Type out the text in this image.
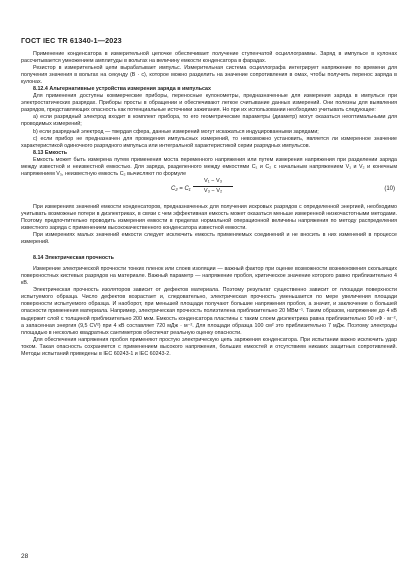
ГОСТ IEC TR 61340-1—2023

Применение конденсатора в измерительной цепочке обеспечивает получение ступенчатой осциллограммы. Заряд в импульсе в кулонах рассчитывается умножением амплитуды в вольтах на величину емкости конденсатора в фарадах.

Резистор в измерительной цепи вырабатывает импульс. Измерительная система осциллографа интегрирует напряжение по времени для получения значения в вольтах на секунду (В · с), которое можно разделить на значение сопротивления в омах, чтобы получить перенос заряда в кулонах.

8.12.4 Альтернативные устройства измерения заряда в импульсах

Для применения доступны коммерческие приборы, переносные кулонометры, предназначенные для измерения заряда в импульсе при электростатических разрядах. Приборы просты в обращении и обеспечивают легкое считывание данных измерений. Они полезны для выявления разрядов, представляющих опасность как потенциальные источники зажигания. Но при их использовании необходимо учитывать следующее:

а) если разрядный электрод входит в комплект прибора, то его геометрические параметры (диаметр) могут оказаться неоптимальными для проводимых измерений;

b) если разрядный электрод — твердая сфера, данные измерений могут искажаться индуцированными зарядами;

с) если прибор не предназначен для проведения импульсных измерений, то невозможно установить, является ли измеренное значение характеристикой одиночного разрядного импульса или интегральной характеристикой серии разрядных импульсов.

8.13 Емкость

Емкость может быть измерена путем применения моста переменного напряжения или путем измерения напряжения при разделении заряда между известной и неизвестной емкостью. Для заряда, разделенного между емкостями C₁ и C₂ с начальным напряжением V₁ и V₂ и конечным напряжением V₃, неизвестную емкость C₂ вычисляют по формуле

C₂ = C₁
V₁ − V₃
V₃ − V₂	(10)

При измерениях значений емкости конденсаторов, предназначенных для получения искровых разрядов с определенной энергией, необходимо учитывать возможные потери в диэлектриках, в связи с чем эффективная емкость может оказаться меньше измеренной низкочастотными методами. Поэтому предпочтительно проводить измерения емкости в пределах нормальной операционной величины напряжения по методу распределения известного заряда с применением высококачественного конденсатора известной емкости.

При измерениях малых значений емкости следует исключить емкость применяемых соединений и не вносить в них изменений в процессе измерений.

8.14 Электрическая прочность

Измерение электрической прочности тонких пленок или слоев изоляции — важный фактор при оценке возможности возникновения скользящих поверхностных кистевых разрядов на материале. Важный параметр — напряжение пробоя, критическое значение которого равно приблизительно 4 кВ.

Электрическая прочность изоляторов зависит от дефектов материала. Поэтому результат существенно зависит от площади поверхности испытуемого образца. Число дефектов возрастает и, следовательно, электрическая прочность уменьшается по мере увеличения площади поверхности испытуемого образца. И наоборот, при меньшей площади получают большие напряжения пробоя, а значит, и заключение о большей опасности применения материала. Например, электрическая прочность полиэтилена приблизительно 20 МВм⁻¹. Таким образом, напряжение до 4 кВ выдержит слой с толщиной приблизительно 200 мкм. Емкость конденсатора пластины с таким слоем диэлектрика равна приблизительно 90 нФ · м⁻², а запасенная энергия (9,5 CV²) при 4 кВ составляет 720 мДж · м⁻². Для площади образца 100 см² это приблизительно 7 мДж. Поэтому электроды площадью в несколько квадратных сантиметров обеспечат реальную оценку опасности.

Для обеспечения напряжения пробоя применяют простую электрическую цепь заряжения конденсатора. При испытании важно исключить удар током. Такая опасность сохраняется с применением высокого напряжения, больших емкостей и отсутствием никаких защитных сопротивлений. Методы испытаний приведены в IEC 60243-1 и IEC 60243-2.

28
